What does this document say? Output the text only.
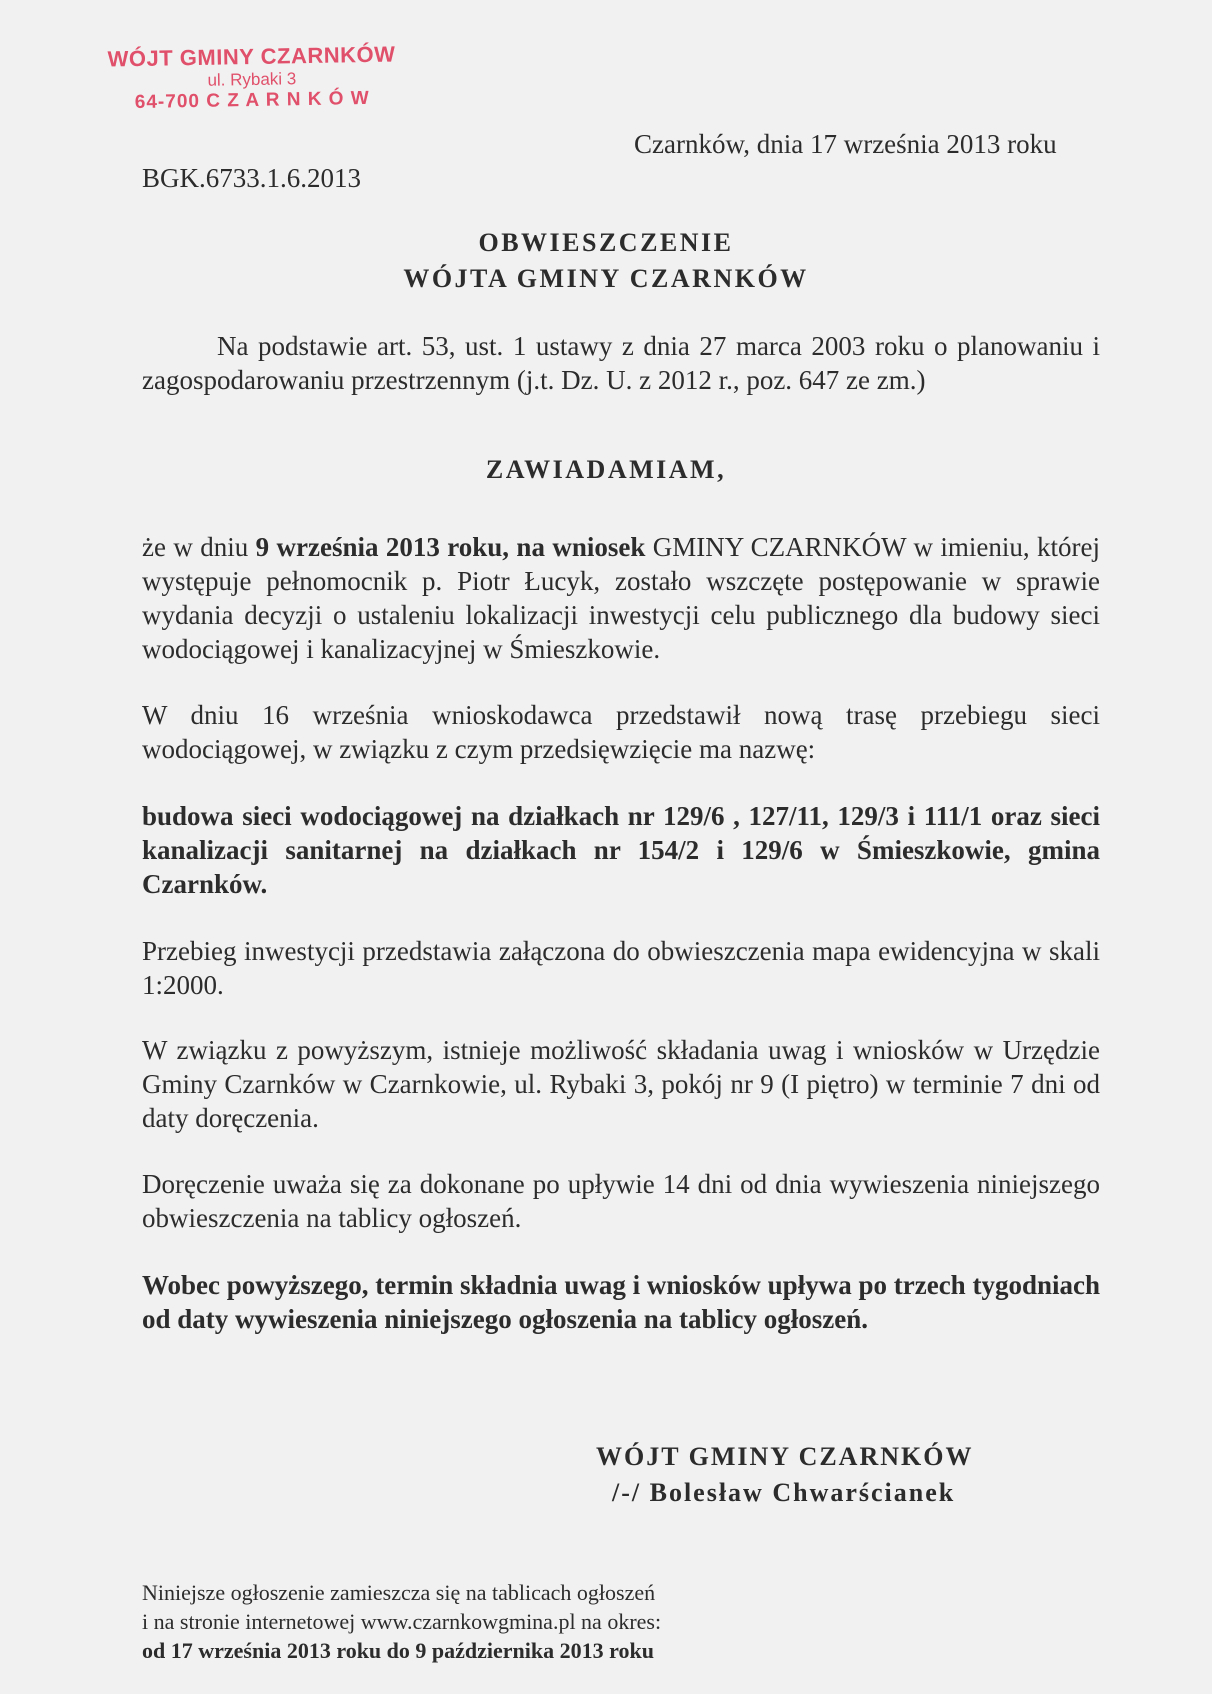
WÓJT GMINY CZARNKÓW
ul. Rybaki 3
64-700 C Z A R N K Ó W
Czarnków, dnia 17 września 2013 roku
BGK.6733.1.6.2013
OBWIESZCZENIE
WÓJTA GMINY CZARNKÓW
Na podstawie art. 53, ust. 1 ustawy z dnia 27 marca 2003 roku o planowaniu i zagospodarowaniu przestrzennym (j.t. Dz. U. z 2012 r., poz. 647 ze zm.)
ZAWIADAMIAM,
że w dniu 9 września 2013 roku, na wniosek GMINY CZARNKÓW w imieniu, której występuje pełnomocnik p. Piotr Łucyk, zostało wszczęte postępowanie w sprawie wydania decyzji o ustaleniu lokalizacji inwestycji celu publicznego dla budowy sieci wodociągowej i kanalizacyjnej w Śmieszkowie.
W dniu 16 września wnioskodawca przedstawił nową trasę przebiegu sieci wodociągowej, w związku z czym przedsięwzięcie ma nazwę:
budowa sieci wodociągowej na działkach nr 129/6 , 127/11, 129/3 i 111/1 oraz sieci kanalizacji sanitarnej na działkach nr 154/2 i 129/6 w Śmieszkowie, gmina Czarnków.
Przebieg inwestycji przedstawia załączona do obwieszczenia mapa ewidencyjna w skali 1:2000.
W związku z powyższym, istnieje możliwość składania uwag i wniosków w Urzędzie Gminy Czarnków w Czarnkowie, ul. Rybaki 3, pokój nr 9 (I piętro) w terminie 7 dni od daty doręczenia.
Doręczenie uważa się za dokonane po upływie 14 dni od dnia wywieszenia niniejszego obwieszczenia na tablicy ogłoszeń.
Wobec powyższego, termin składnia uwag i wniosków upływa po trzech tygodniach od daty wywieszenia niniejszego ogłoszenia na tablicy ogłoszeń.
WÓJT GMINY CZARNKÓW
/-/ Bolesław Chwarścianek
Niniejsze ogłoszenie zamieszcza się na tablicach ogłoszeń
i na stronie internetowej www.czarnkowgmina.pl na okres:
od 17 września 2013 roku do 9 października 2013 roku
